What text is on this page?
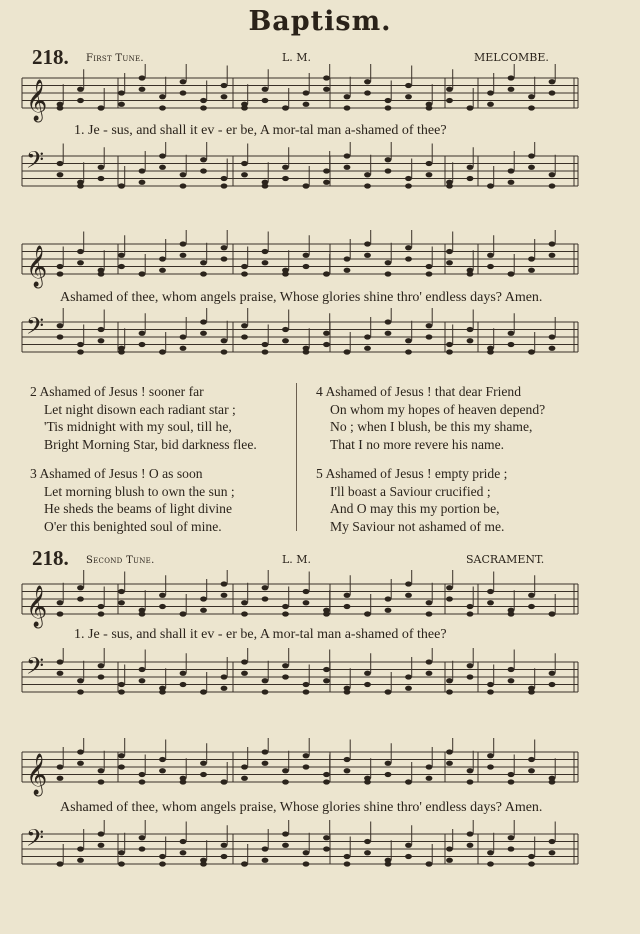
Baptism.
218. First Tune.	L. M.	MELCOMBE.
𝄞
1. Je - sus, and shall it ev - er be, A mor-tal man a-shamed of thee?
𝄢
𝄞
Ashamed of thee, whom angels praise, Whose glories shine thro' endless days? Amen.
𝄢
2 Ashamed of Jesus ! sooner far
Let night disown each radiant star ;
'Tis midnight with my soul, till he,
Bright Morning Star, bid darkness flee.
3 Ashamed of Jesus ! O as soon
Let morning blush to own the sun ;
He sheds the beams of light divine
O'er this benighted soul of mine.
4 Ashamed of Jesus ! that dear Friend
On whom my hopes of heaven depend?
No ; when I blush, be this my shame,
That I no more revere his name.
5 Ashamed of Jesus ! empty pride ;
I'll boast a Saviour crucified ;
And O may this my portion be,
My Saviour not ashamed of me.
218. Second Tune.	L. M.	SACRAMENT.
𝄞
1. Je - sus, and shall it ev - er be, A mor-tal man a-shamed of thee?
𝄢
𝄞
Ashamed of thee, whom angels praise, Whose glories shine thro' endless days? Amen.
𝄢
